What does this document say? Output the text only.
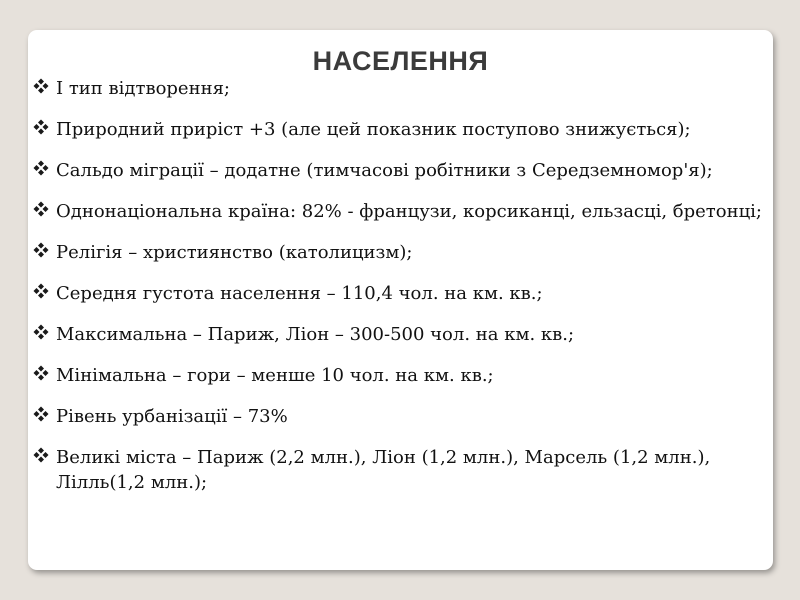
НАСЕЛЕННЯ
І тип відтворення;
Природний приріст +3 (але цей показник поступово знижується);
Сальдо міграції – додатне (тимчасові робітники з Середземномор'я);
Однонаціональна країна: 82% - французи, корсиканці, ельзасці, бретонці;
Релігія – християнство (католицизм);
Середня густота населення – 110,4 чол. на км. кв.;
Максимальна – Париж, Ліон – 300-500 чол. на км. кв.;
Мінімальна – гори – менше 10 чол. на км. кв.;
Рівень урбанізації – 73%
Великі міста – Париж (2,2 млн.), Ліон (1,2 млн.), Марсель (1,2 млн.), Лілль(1,2 млн.);
